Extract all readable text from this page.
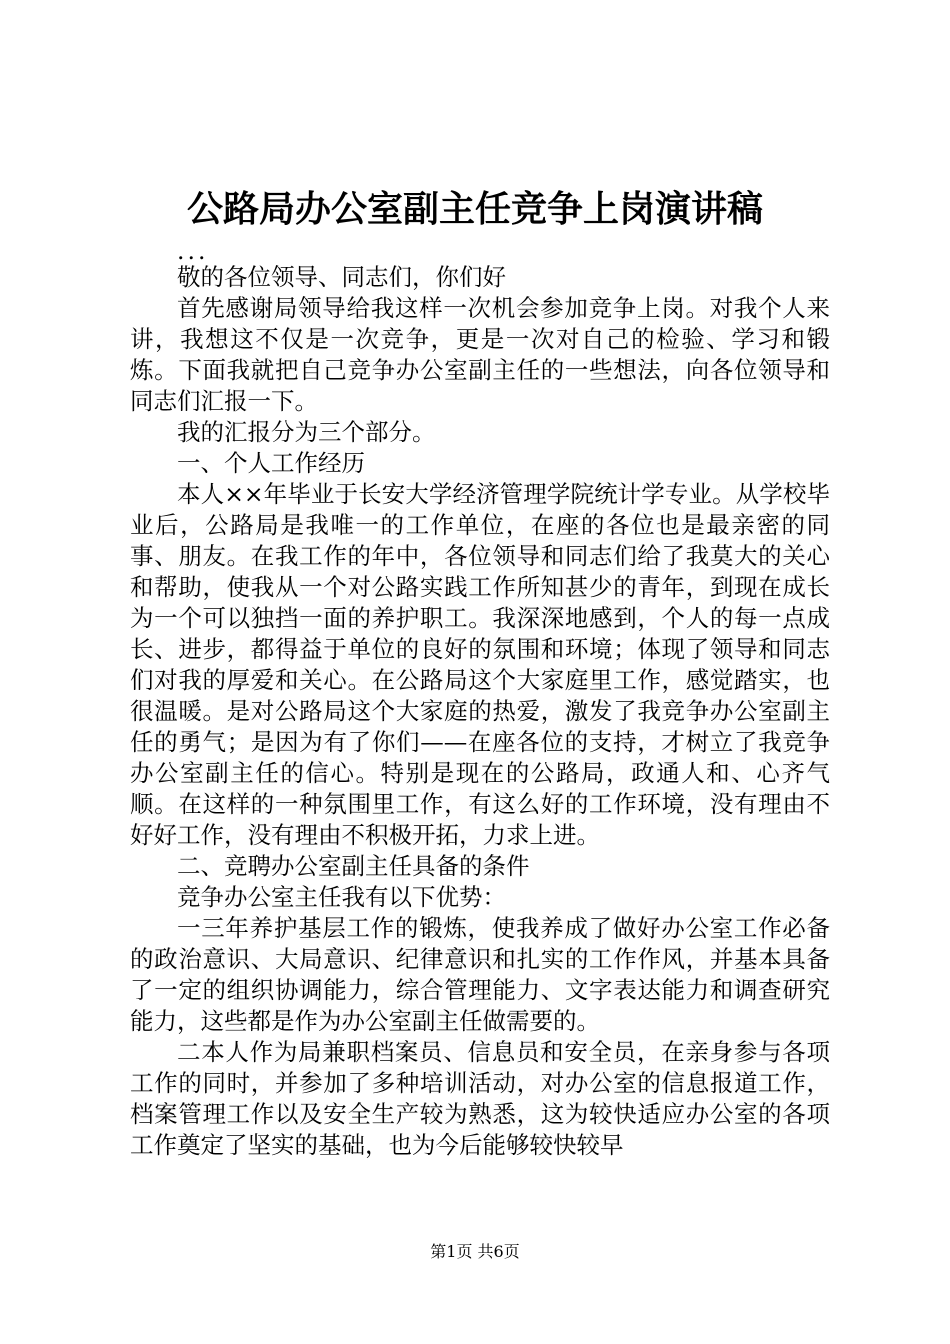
公路局办公室副主任竞争上岗演讲稿

...

敬的各位领导、同志们，你们好

首先感谢局领导给我这样一次机会参加竞争上岗。对我个人来讲，我想这不仅是一次竞争，更是一次对自己的检验、学习和锻炼。下面我就把自己竞争办公室副主任的一些想法，向各位领导和同志们汇报一下。

我的汇报分为三个部分。

一、个人工作经历

本人××年毕业于长安大学经济管理学院统计学专业。从学校毕业后，公路局是我唯一的工作单位，在座的各位也是最亲密的同事、朋友。在我工作的年中，各位领导和同志们给了我莫大的关心和帮助，使我从一个对公路实践工作所知甚少的青年，到现在成长为一个可以独挡一面的养护职工。我深深地感到，个人的每一点成长、进步，都得益于单位的良好的氛围和环境；体现了领导和同志们对我的厚爱和关心。在公路局这个大家庭里工作，感觉踏实，也很温暖。是对公路局这个大家庭的热爱，激发了我竞争办公室副主任的勇气；是因为有了你们——在座各位的支持，才树立了我竞争办公室副主任的信心。特别是现在的公路局，政通人和、心齐气顺。在这样的一种氛围里工作，有这么好的工作环境，没有理由不好好工作，没有理由不积极开拓，力求上进。

二、竞聘办公室副主任具备的条件

竞争办公室主任我有以下优势：

一三年养护基层工作的锻炼，使我养成了做好办公室工作必备的政治意识、大局意识、纪律意识和扎实的工作作风，并基本具备了一定的组织协调能力，综合管理能力、文字表达能力和调查研究能力，这些都是作为办公室副主任做需要的。

二本人作为局兼职档案员、信息员和安全员，在亲身参与各项工作的同时，并参加了多种培训活动，对办公室的信息报道工作，档案管理工作以及安全生产较为熟悉，这为较快适应办公室的各项工作奠定了坚实的基础，也为今后能够较快较早

第1页 共6页
